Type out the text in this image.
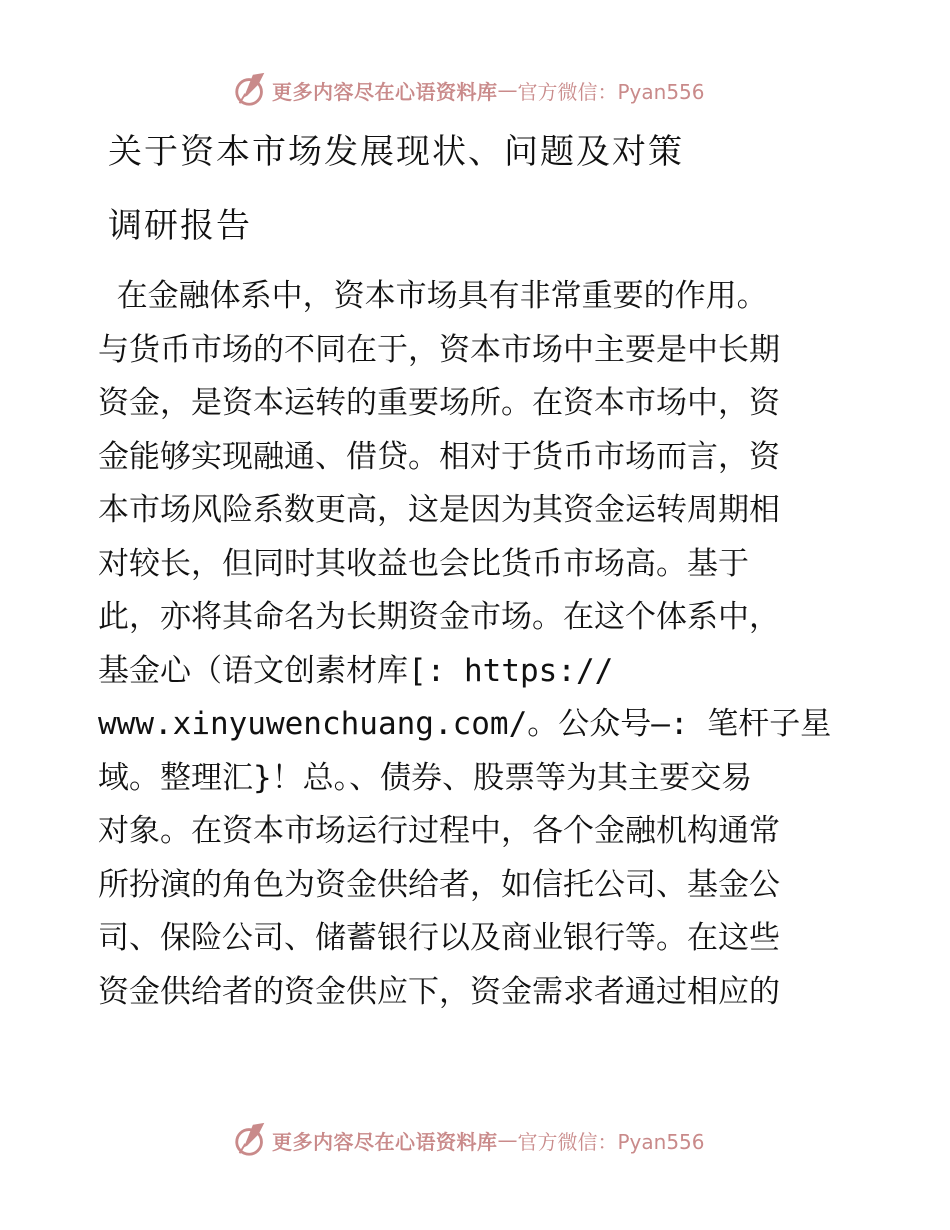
更多内容尽在心语资料库 — 官方微信：Pyan556
关于资本市场发展现状、问题及对策
调研报告
在金融体系中，资本市场具有非常重要的作用。
与货币市场的不同在于，资本市场中主要是中长期
资金，是资本运转的重要场所。在资本市场中，资
金能够实现融通、借贷。相对于货币市场而言，资
本市场风险系数更高，这是因为其资金运转周期相
对较长，但同时其收益也会比货币市场高。基于
此，亦将其命名为长期资金市场。在这个体系中，
基金心（语文创素材库[: https://
www.xinyuwenchuang.com/。公众号—: 笔杆子星
域。整理汇}！总。、债券、股票等为其主要交易
对象。在资本市场运行过程中，各个金融机构通常
所扮演的角色为资金供给者，如信托公司、基金公
司、保险公司、储蓄银行以及商业银行等。在这些
资金供给者的资金供应下，资金需求者通过相应的
更多内容尽在心语资料库 — 官方微信：Pyan556
